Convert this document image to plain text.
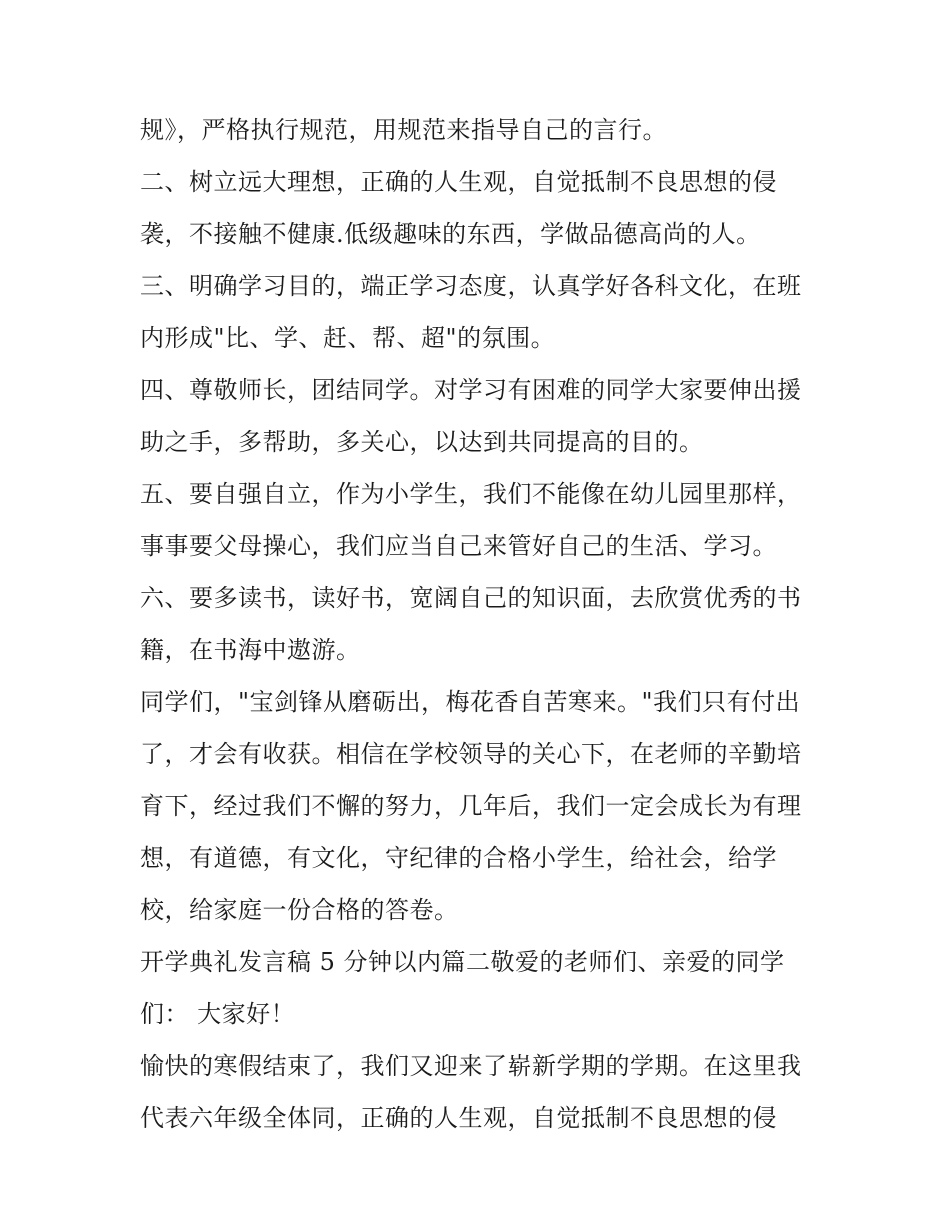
规》，严格执行规范，用规范来指导自己的言行。
二、树立远大理想，正确的人生观，自觉抵制不良思想的侵
袭，不接触不健康.低级趣味的东西，学做品德高尚的人。
三、明确学习目的，端正学习态度，认真学好各科文化，在班
内形成"比、学、赶、帮、超"的氛围。
四、尊敬师长，团结同学。对学习有困难的同学大家要伸出援
助之手，多帮助，多关心，以达到共同提高的目的。
五、要自强自立，作为小学生，我们不能像在幼儿园里那样，
事事要父母操心，我们应当自己来管好自己的生活、学习。
六、要多读书，读好书，宽阔自己的知识面，去欣赏优秀的书
籍，在书海中遨游。
同学们，"宝剑锋从磨砺出，梅花香自苦寒来。"我们只有付出
了，才会有收获。相信在学校领导的关心下，在老师的辛勤培
育下，经过我们不懈的努力，几年后，我们一定会成长为有理
想，有道德，有文化，守纪律的合格小学生，给社会，给学
校，给家庭一份合格的答卷。
开学典礼发言稿 5 分钟以内篇二敬爱的老师们、亲爱的同学
们： 大家好！
愉快的寒假结束了，我们又迎来了崭新学期的学期。在这里我
代表六年级全体同，正确的人生观，自觉抵制不良思想的侵
